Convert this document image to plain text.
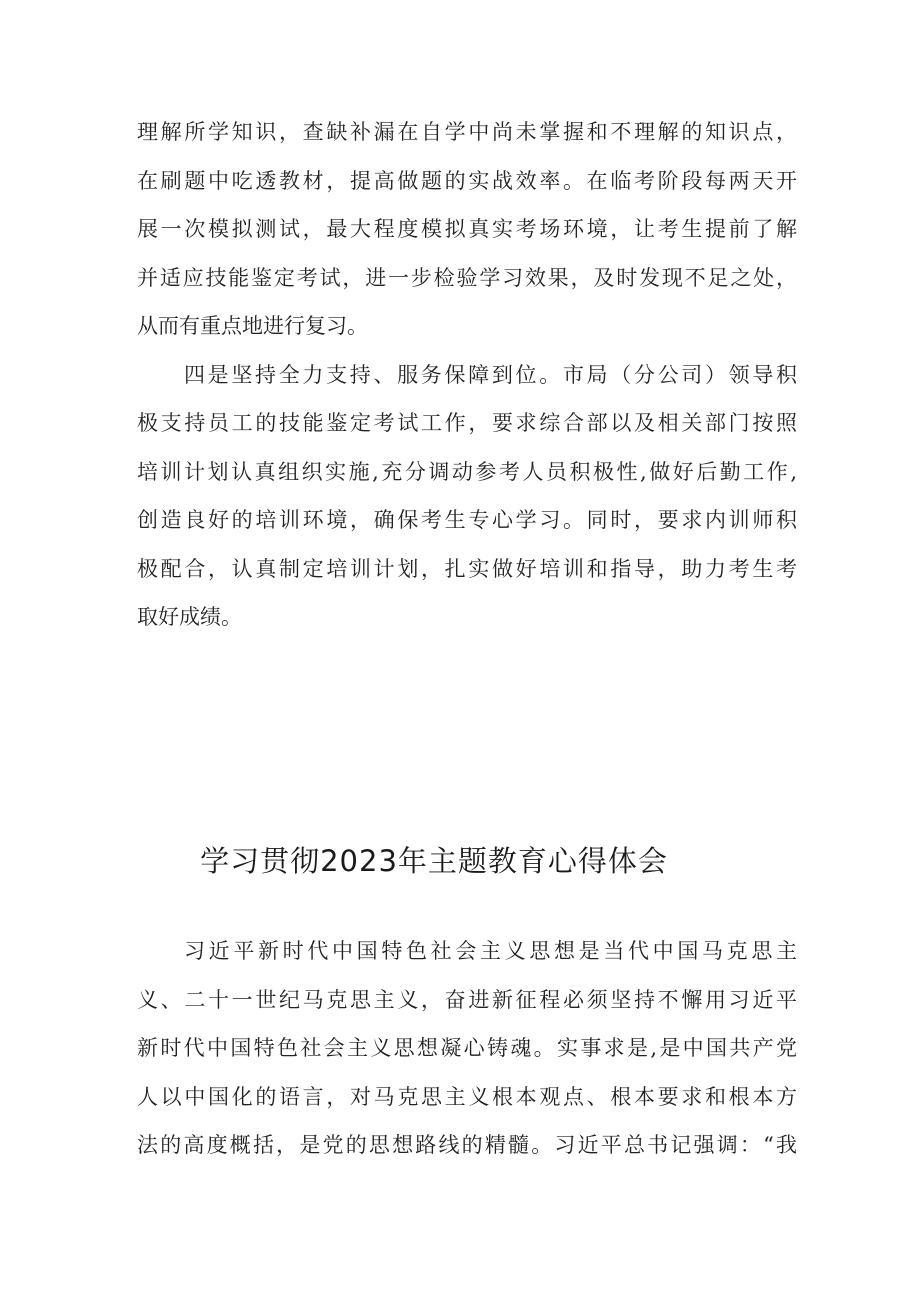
理解所学知识，查缺补漏在自学中尚未掌握和不理解的知识点，
在刷题中吃透教材，提高做题的实战效率。在临考阶段每两天开
展一次模拟测试，最大程度模拟真实考场环境，让考生提前了解
并适应技能鉴定考试，进一步检验学习效果，及时发现不足之处，
从而有重点地进行复习。
四是坚持全力支持、服务保障到位。市局（分公司）领导积
极支持员工的技能鉴定考试工作，要求综合部以及相关部门按照
培训计划认真组织实施,充分调动参考人员积极性,做好后勤工作,
创造良好的培训环境，确保考生专心学习。同时，要求内训师积
极配合，认真制定培训计划，扎实做好培训和指导，助力考生考
取好成绩。
学习贯彻2023年主题教育心得体会
习近平新时代中国特色社会主义思想是当代中国马克思主
义、二十一世纪马克思主义，奋进新征程必须坚持不懈用习近平
新时代中国特色社会主义思想凝心铸魂。实事求是,是中国共产党
人以中国化的语言，对马克思主义根本观点、根本要求和根本方
法的高度概括，是党的思想路线的精髓。习近平总书记强调：“我
